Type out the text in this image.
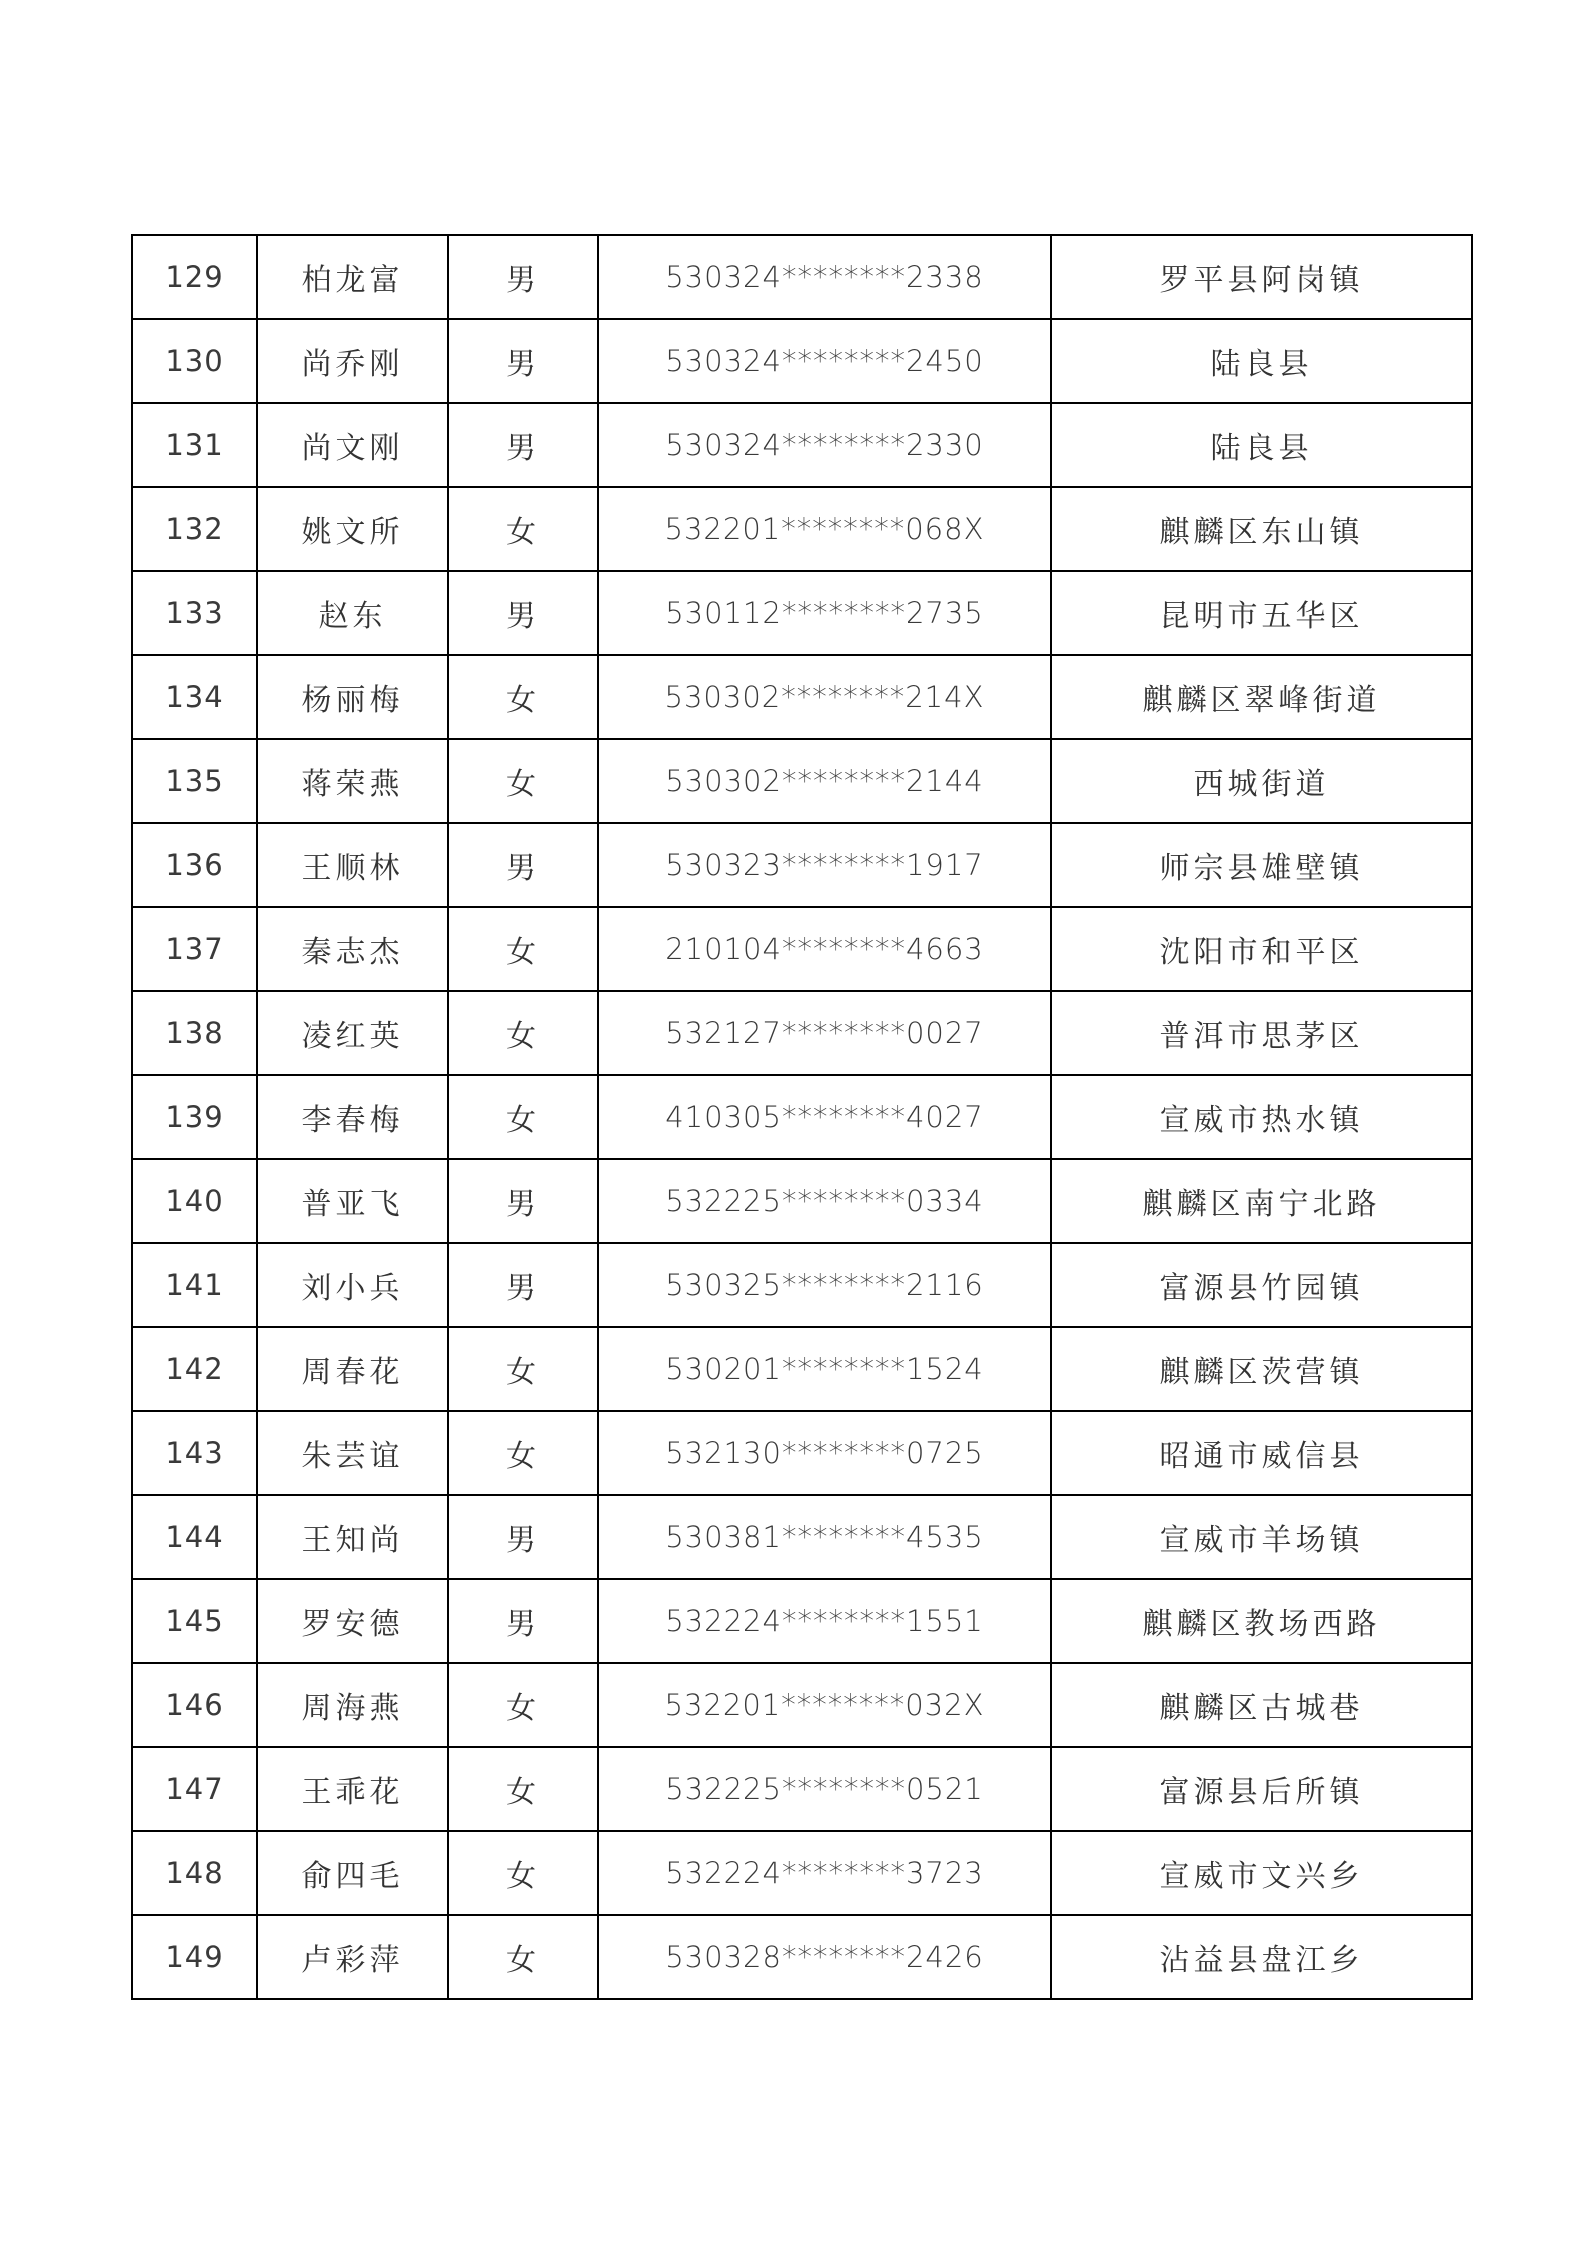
129	柏龙富	男	530324********2338	罗平县阿岗镇
130	尚乔刚	男	530324********2450	陆良县
131	尚文刚	男	530324********2330	陆良县
132	姚文所	女	532201********068X	麒麟区东山镇
133	赵东	男	530112********2735	昆明市五华区
134	杨丽梅	女	530302********214X	麒麟区翠峰街道
135	蒋荣燕	女	530302********2144	西城街道
136	王顺林	男	530323********1917	师宗县雄壁镇
137	秦志杰	女	210104********4663	沈阳市和平区
138	凌红英	女	532127********0027	普洱市思茅区
139	李春梅	女	410305********4027	宣威市热水镇
140	普亚飞	男	532225********0334	麒麟区南宁北路
141	刘小兵	男	530325********2116	富源县竹园镇
142	周春花	女	530201********1524	麒麟区茨营镇
143	朱芸谊	女	532130********0725	昭通市威信县
144	王知尚	男	530381********4535	宣威市羊场镇
145	罗安德	男	532224********1551	麒麟区教场西路
146	周海燕	女	532201********032X	麒麟区古城巷
147	王乖花	女	532225********0521	富源县后所镇
148	俞四毛	女	532224********3723	宣威市文兴乡
149	卢彩萍	女	530328********2426	沾益县盘江乡
